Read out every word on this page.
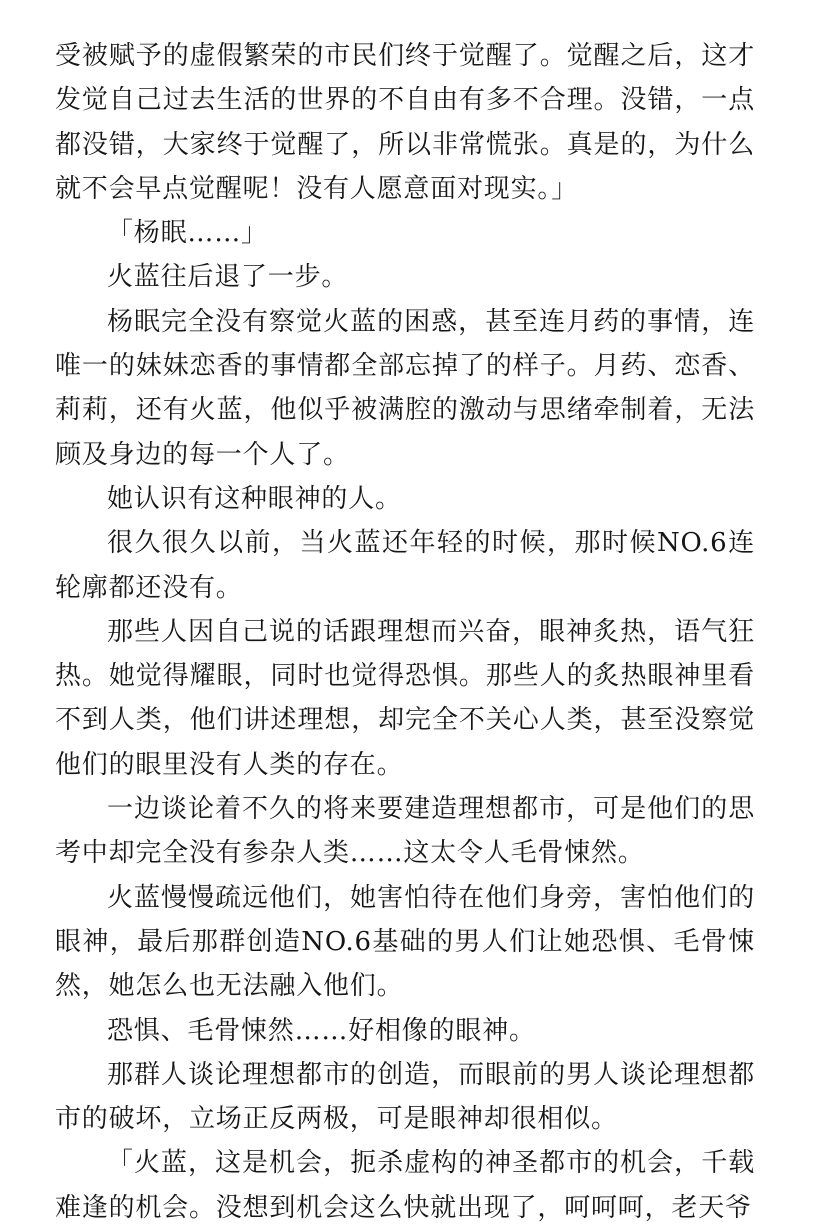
受被赋予的虚假繁荣的市民们终于觉醒了。觉醒之后，这才发觉自己过去生活的世界的不自由有多不合理。没错，一点都没错，大家终于觉醒了，所以非常慌张。真是的，为什么就不会早点觉醒呢！没有人愿意面对现实。」

「杨眠……」

火蓝往后退了一步。

杨眠完全没有察觉火蓝的困惑，甚至连月药的事情，连唯一的妹妹恋香的事情都全部忘掉了的样子。月药、恋香、莉莉，还有火蓝，他似乎被满腔的激动与思绪牵制着，无法顾及身边的每一个人了。

她认识有这种眼神的人。

很久很久以前，当火蓝还年轻的时候，那时候NO.6连轮廓都还没有。

那些人因自己说的话跟理想而兴奋，眼神炙热，语气狂热。她觉得耀眼，同时也觉得恐惧。那些人的炙热眼神里看不到人类，他们讲述理想，却完全不关心人类，甚至没察觉他们的眼里没有人类的存在。

一边谈论着不久的将来要建造理想都市，可是他们的思考中却完全没有参杂人类……这太令人毛骨悚然。

火蓝慢慢疏远他们，她害怕待在他们身旁，害怕他们的眼神，最后那群创造NO.6基础的男人们让她恐惧、毛骨悚然，她怎么也无法融入他们。

恐惧、毛骨悚然……好相像的眼神。

那群人谈论理想都市的创造，而眼前的男人谈论理想都市的破坏，立场正反两极，可是眼神却很相似。

「火蓝，这是机会，扼杀虚构的神圣都市的机会，千载难逢的机会。没想到机会这么快就出现了，呵呵呵，老天爷
